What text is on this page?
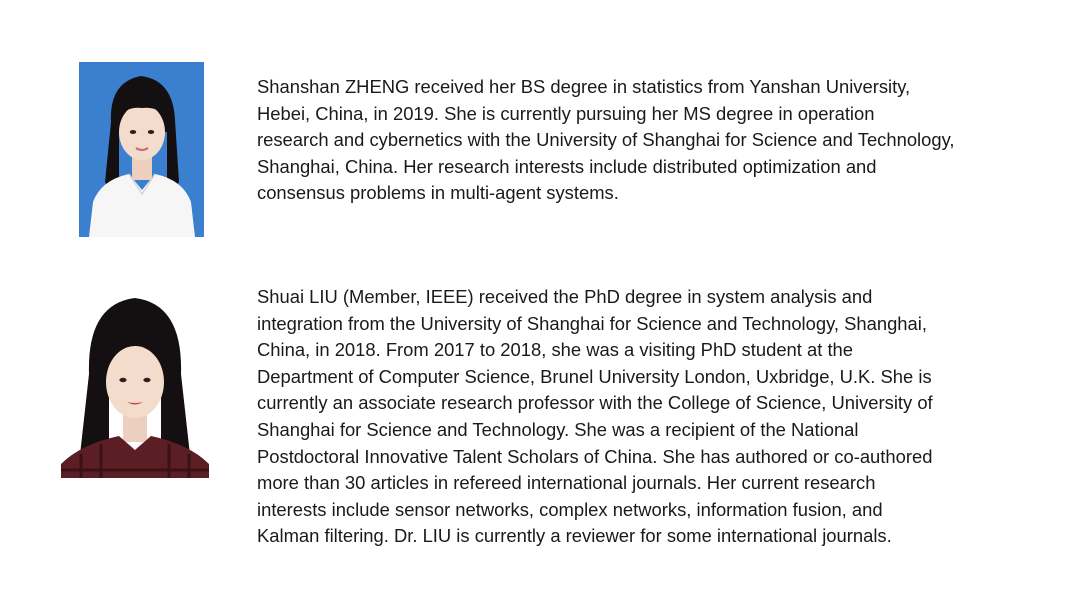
Shanshan ZHENG received her BS degree in statistics from Yanshan University,
Hebei, China, in 2019. She is currently pursuing her MS degree in operation
research and cybernetics with the University of Shanghai for Science and Technology,
Shanghai, China. Her research interests include distributed optimization and
consensus problems in multi-agent systems.
Shuai LIU (Member, IEEE) received the PhD degree in system analysis and
integration from the University of Shanghai for Science and Technology, Shanghai,
China, in 2018. From 2017 to 2018, she was a visiting PhD student at the
Department of Computer Science, Brunel University London, Uxbridge, U.K. She is
currently an associate research professor with the College of Science, University of
Shanghai for Science and Technology. She was a recipient of the National
Postdoctoral Innovative Talent Scholars of China. She has authored or co-authored
more than 30 articles in refereed international journals. Her current research
interests include sensor networks, complex networks, information fusion, and
Kalman filtering. Dr. LIU is currently a reviewer for some international journals.
